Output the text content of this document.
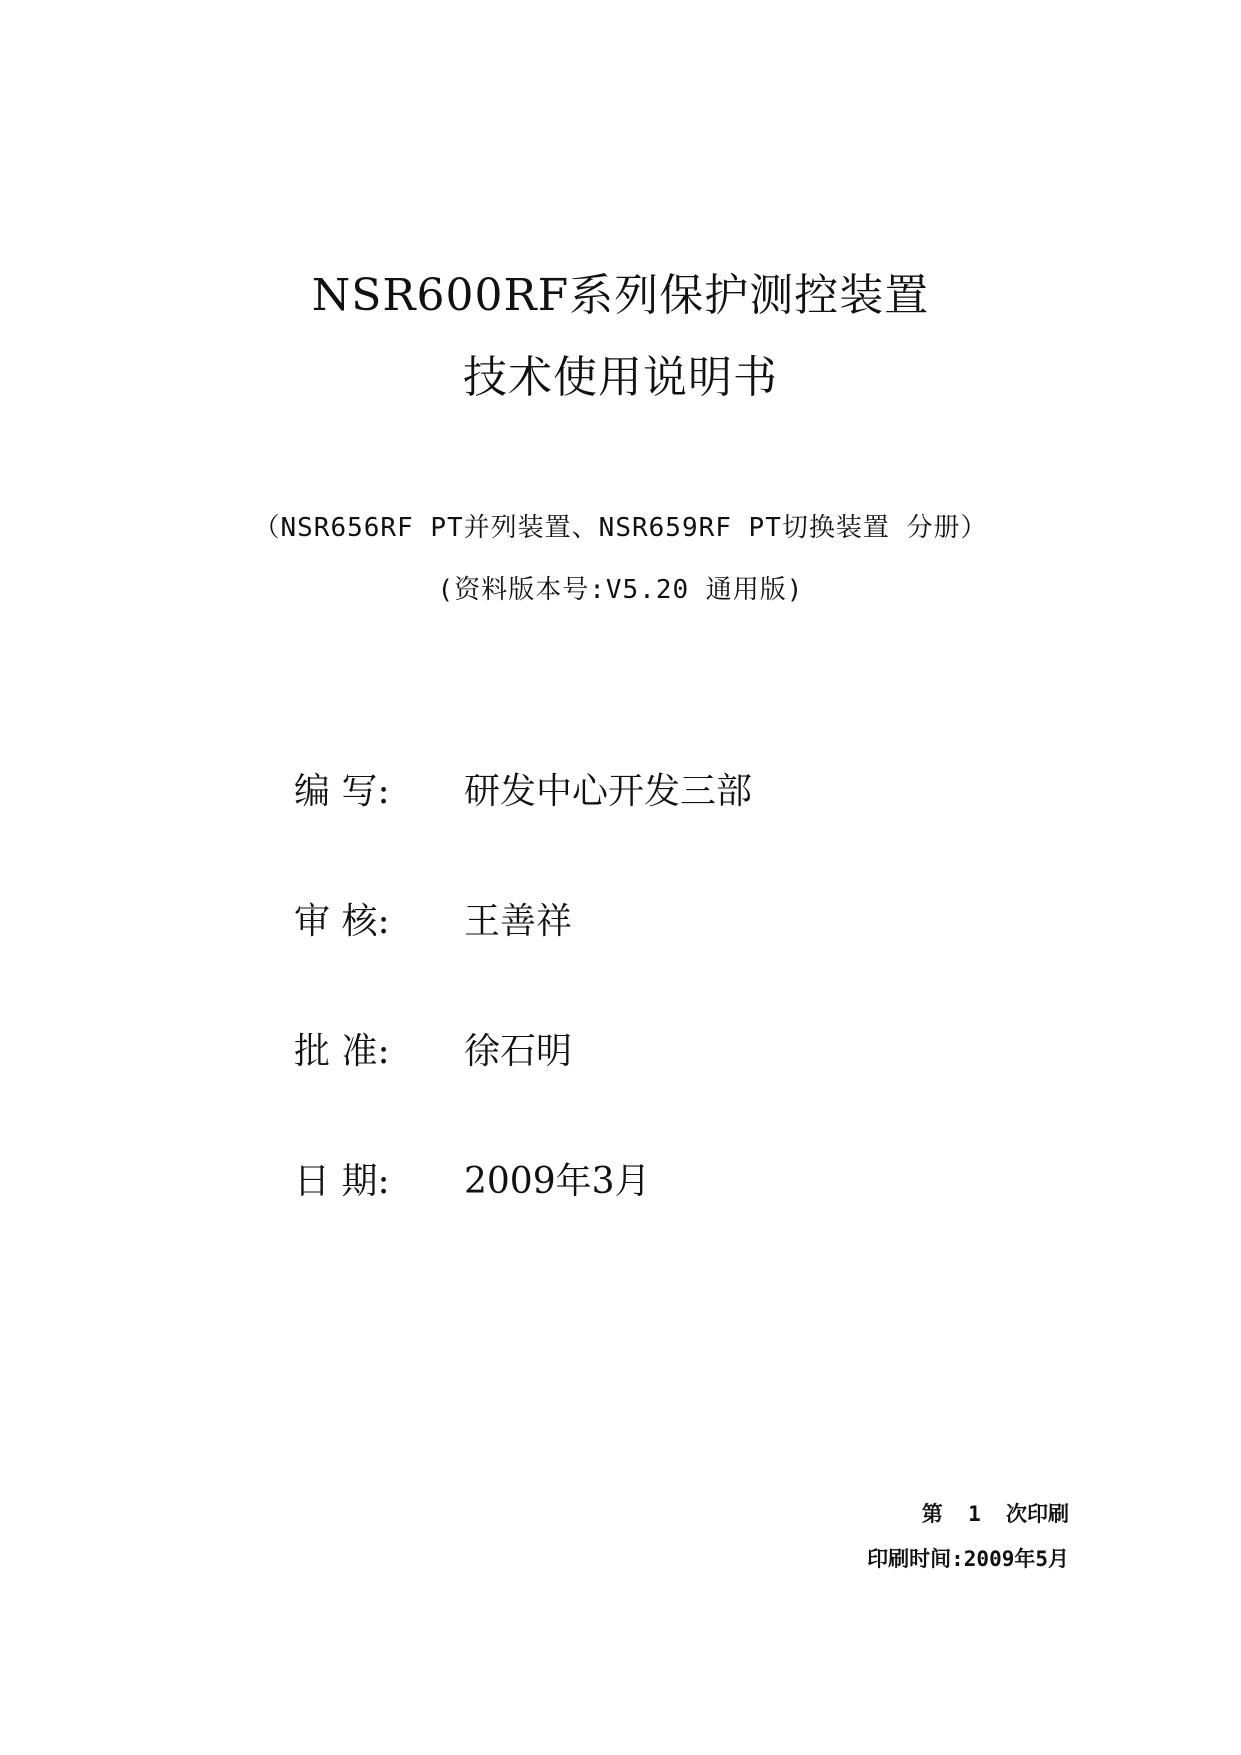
NSR600RF系列保护测控装置
技术使用说明书
（NSR656RF PT并列装置、NSR659RF PT切换装置 分册）
(资料版本号:V5.20 通用版)
编 写:	研发中心开发三部
审 核:	王善祥
批 准:	徐石明
日 期:	2009年3月
第  1  次印刷
印刷时间:2009年5月
